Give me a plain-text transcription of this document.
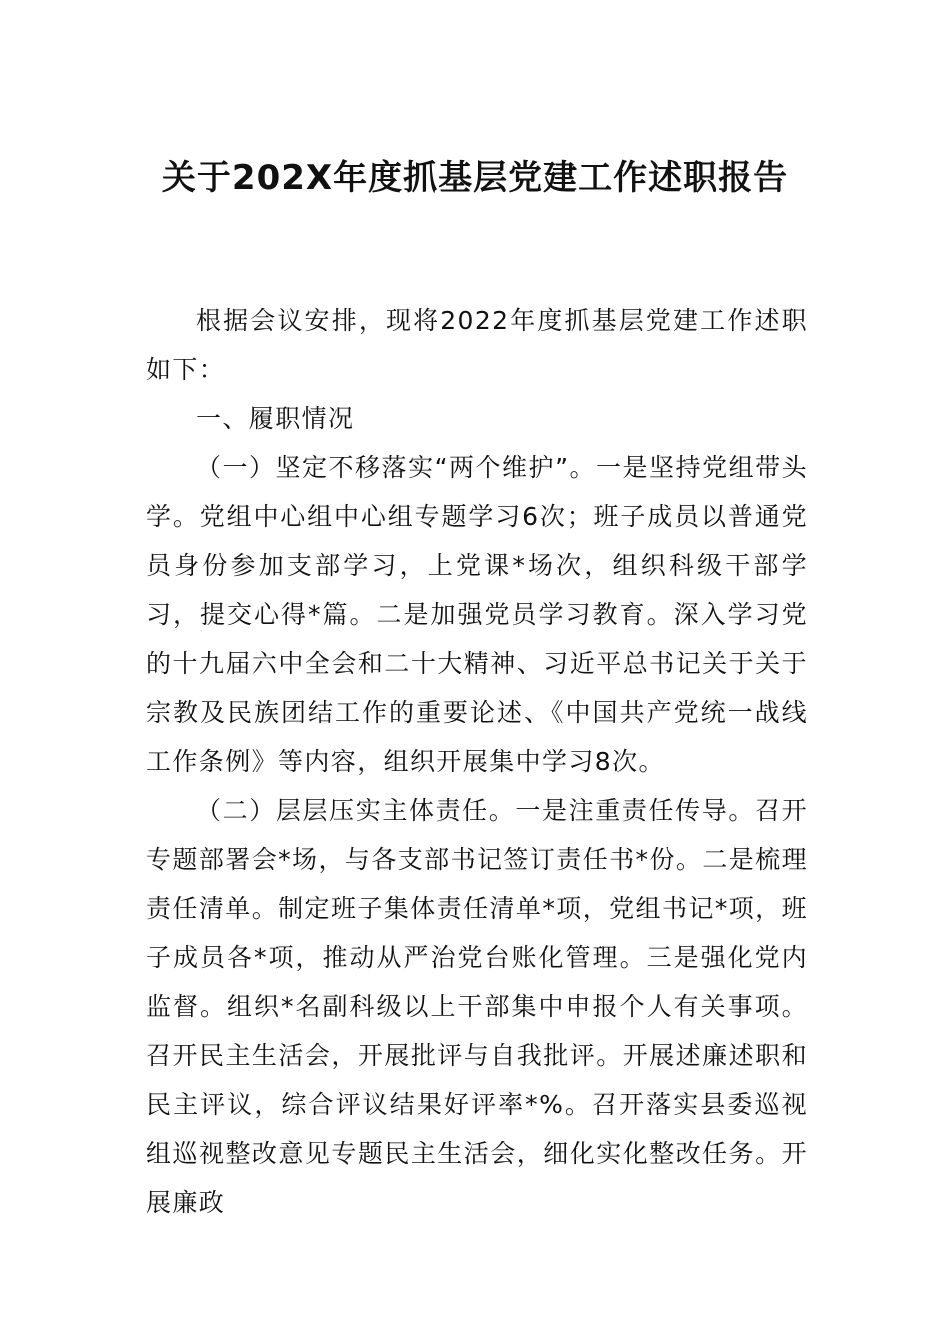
关于202X年度抓基层党建工作述职报告

根据会议安排，现将2022年度抓基层党建工作述职如下：

一、履职情况

（一）坚定不移落实“两个维护”。一是坚持党组带头学。党组中心组中心组专题学习6次；班子成员以普通党员身份参加支部学习，上党课*场次，组织科级干部学习，提交心得*篇。二是加强党员学习教育。深入学习党的十九届六中全会和二十大精神、习近平总书记关于关于宗教及民族团结工作的重要论述、《中国共产党统一战线工作条例》等内容，组织开展集中学习8次。

（二）层层压实主体责任。一是注重责任传导。召开专题部署会*场，与各支部书记签订责任书*份。二是梳理责任清单。制定班子集体责任清单*项，党组书记*项，班子成员各*项，推动从严治党台账化管理。三是强化党内监督。组织*名副科级以上干部集中申报个人有关事项。召开民主生活会，开展批评与自我批评。开展述廉述职和民主评议，综合评议结果好评率*%。召开落实县委巡视组巡视整改意见专题民主生活会，细化实化整改任务。开展廉政
